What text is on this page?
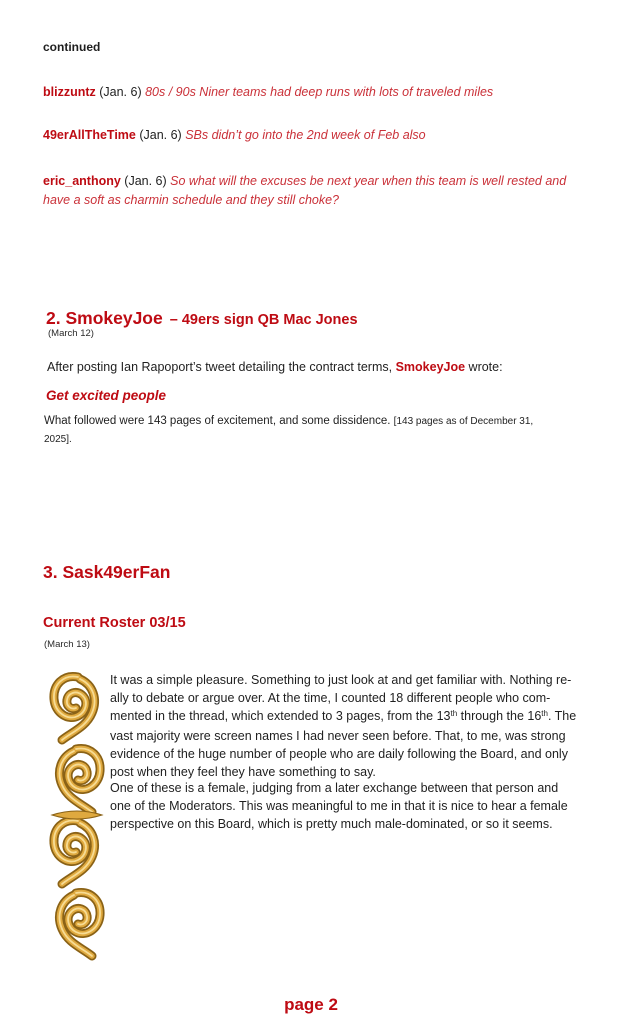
continued

blizzuntz (Jan. 6) 80s / 90s Niner teams had deep runs with lots of traveled miles

49erAllTheTime (Jan. 6) SBs didn’t go into the 2nd week of Feb also

eric_anthony (Jan. 6) So what will the excuses be next year when this team is well rested and
have a soft as charmin schedule and they still choke?

2. SmokeyJoe – 49ers sign QB Mac Jones
(March 12)

After posting Ian Rapoport’s tweet detailing the contract terms, SmokeyJoe wrote:

Get excited people

What followed were 143 pages of excitement, and some dissidence. [143 pages as of December 31,
2025].

3. Sask49erFan
Current Roster 03/15
(March 13)

It was a simple pleasure. Something to just look at and get familiar with. Nothing re-
ally to debate or argue over. At the time, I counted 18 different people who com-
mented in the thread, which extended to 3 pages, from the 13th through the 16th. The
vast majority were screen names I had never seen before. That, to me, was strong
evidence of the huge number of people who are daily following the Board, and only
post when they feel they have something to say.

One of these is a female, judging from a later exchange between that person and
one of the Moderators. This was meaningful to me in that it is nice to hear a female
perspective on this Board, which is pretty much male-dominated, or so it seems.

page 2
